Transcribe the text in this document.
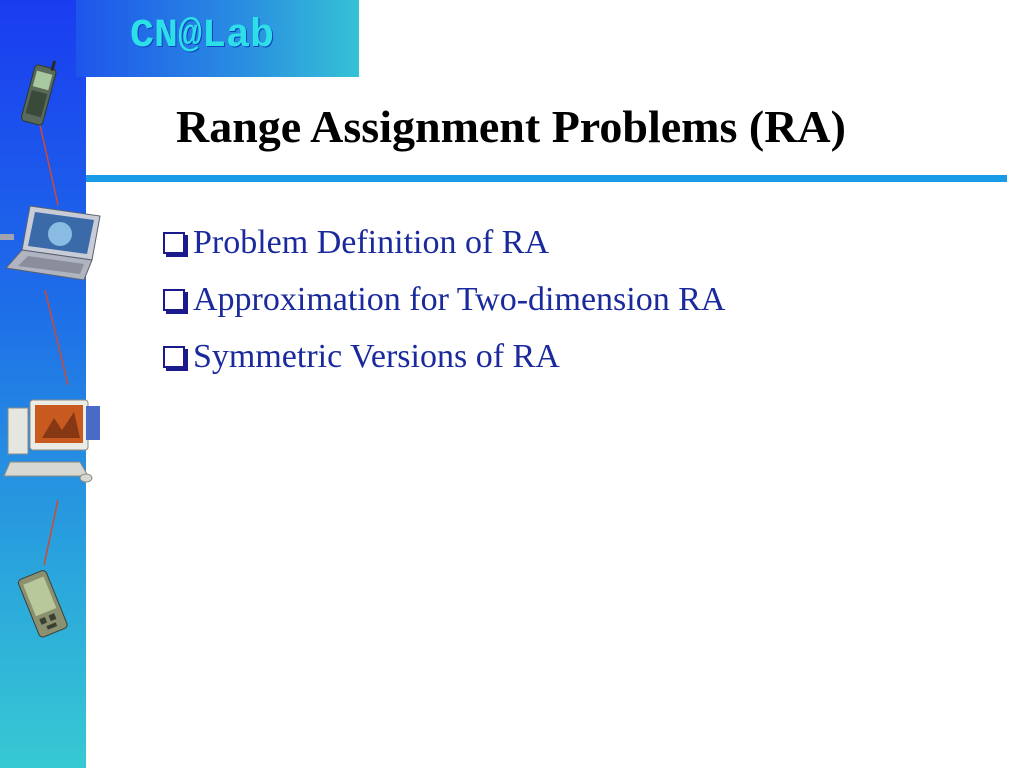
CN@Lab
Range Assignment Problems (RA)
Problem Definition of RA
Approximation for Two-dimension RA
Symmetric Versions of RA
